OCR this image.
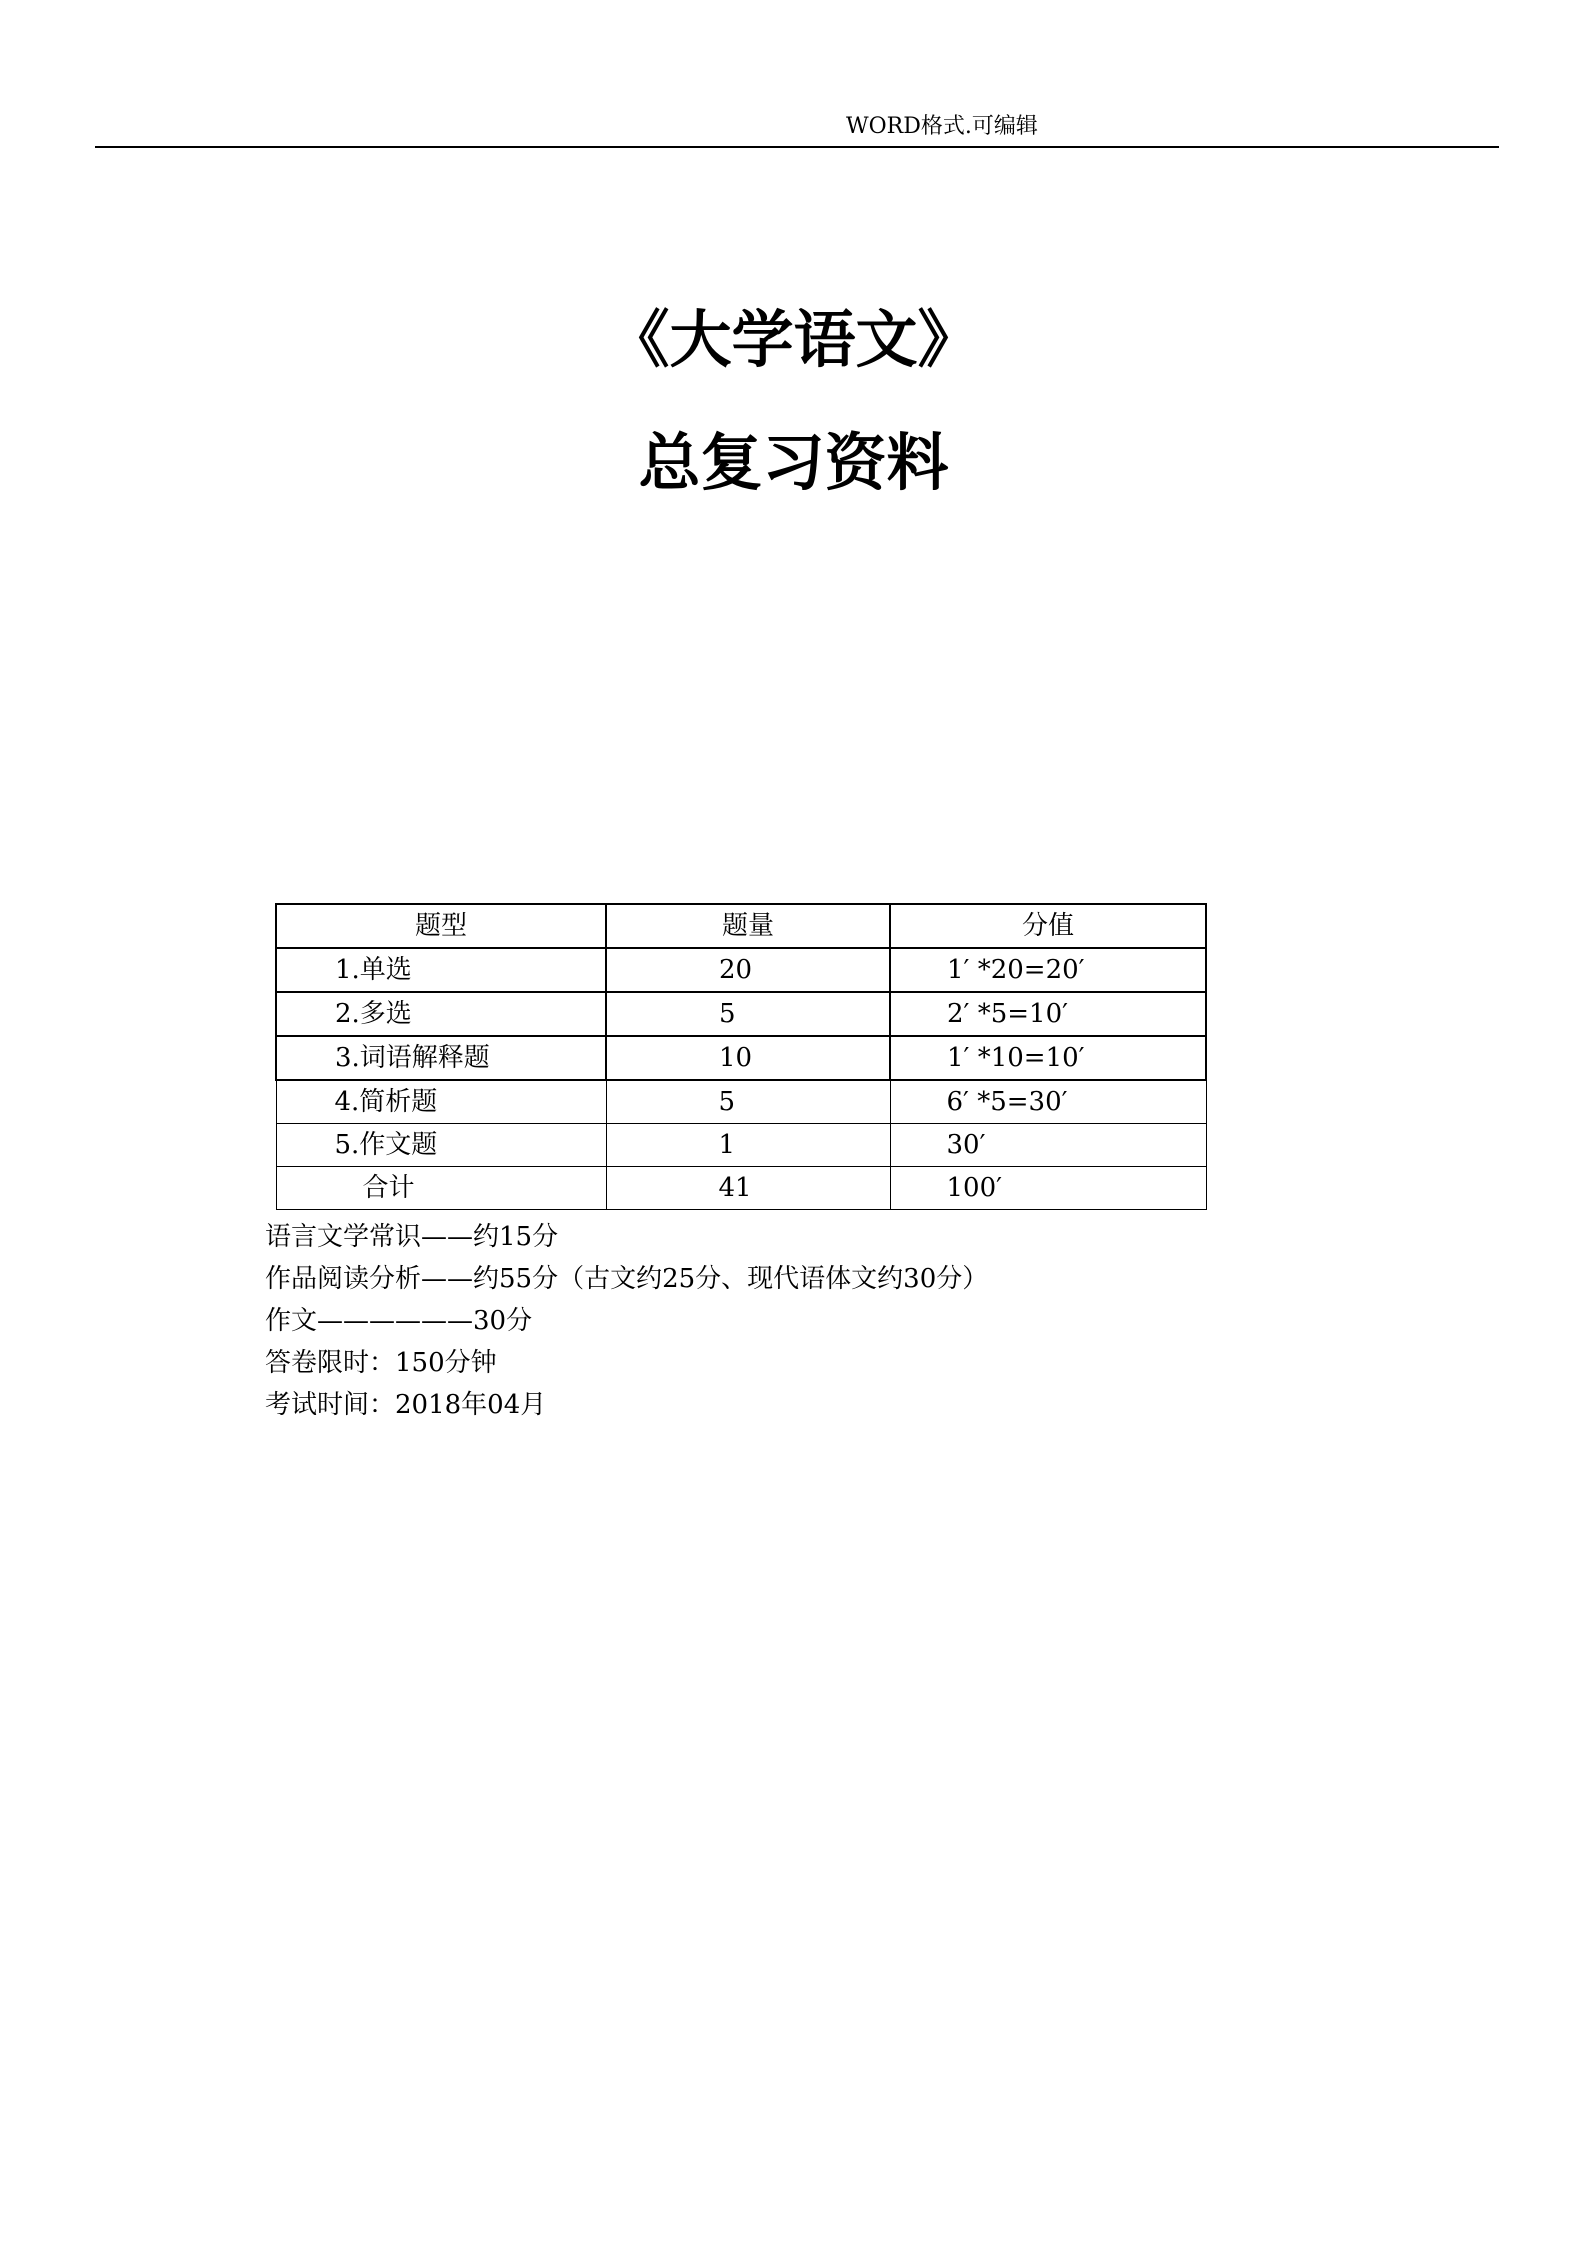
WORD格式.可编辑
《大学语文》
总复习资料
题型	题量	分值
1.单选	20	1′ *20=20′
2.多选	5	2′ *5=10′
3.词语解释题	10	1′ *10=10′
4.简析题	5	6′ *5=30′
5.作文题	1	30′
合计	41	100′
语言文学常识——约15分
作品阅读分析——约55分（古文约25分、现代语体文约30分）
作文——————30分
答卷限时：150分钟
考试时间：2018年04月
